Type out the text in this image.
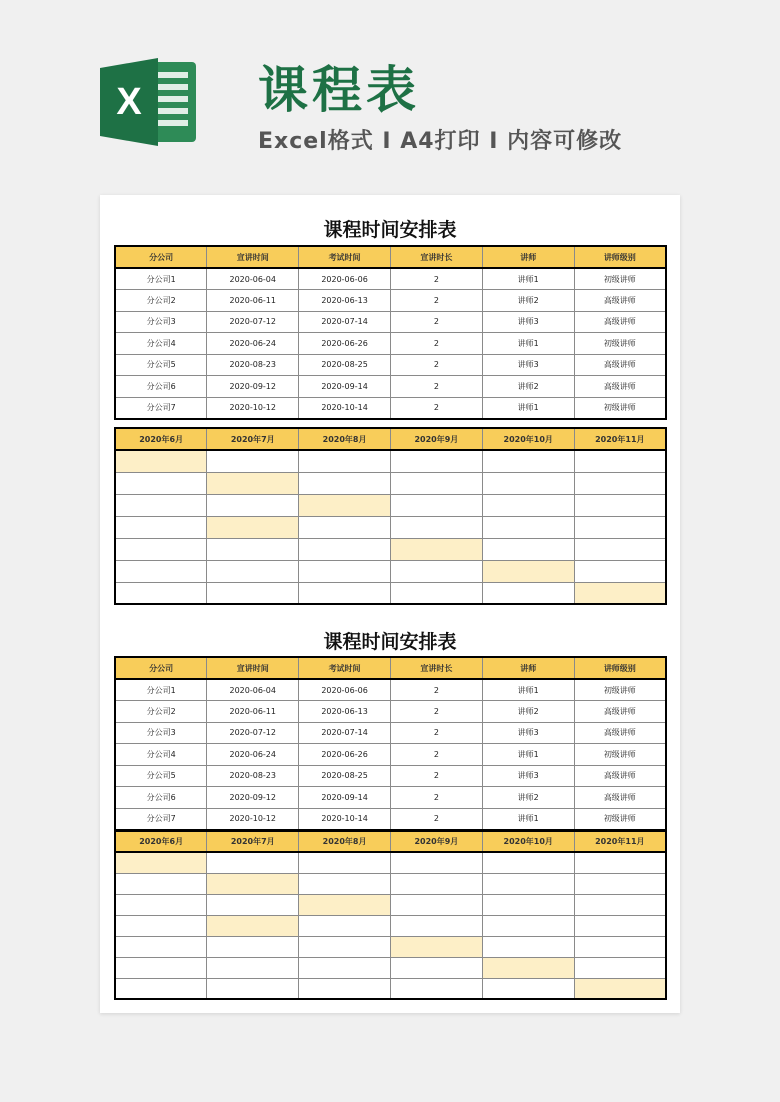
X 课程表
Excel格式 I A4打印 I 内容可修改
课程时间安排表
分公司	宣讲时间	考试时间	宣讲时长	讲师	讲师级别
分公司1	2020-06-04	2020-06-06	2	讲师1	初级讲师
分公司2	2020-06-11	2020-06-13	2	讲师2	高级讲师
分公司3	2020-07-12	2020-07-14	2	讲师3	高级讲师
分公司4	2020-06-24	2020-06-26	2	讲师1	初级讲师
分公司5	2020-08-23	2020-08-25	2	讲师3	高级讲师
分公司6	2020-09-12	2020-09-14	2	讲师2	高级讲师
分公司7	2020-10-12	2020-10-14	2	讲师1	初级讲师
2020年6月	2020年7月	2020年8月	2020年9月	2020年10月	2020年11月

课程时间安排表
分公司	宣讲时间	考试时间	宣讲时长	讲师	讲师级别
分公司1	2020-06-04	2020-06-06	2	讲师1	初级讲师
分公司2	2020-06-11	2020-06-13	2	讲师2	高级讲师
分公司3	2020-07-12	2020-07-14	2	讲师3	高级讲师
分公司4	2020-06-24	2020-06-26	2	讲师1	初级讲师
分公司5	2020-08-23	2020-08-25	2	讲师3	高级讲师
分公司6	2020-09-12	2020-09-14	2	讲师2	高级讲师
分公司7	2020-10-12	2020-10-14	2	讲师1	初级讲师
2020年6月	2020年7月	2020年8月	2020年9月	2020年10月	2020年11月
